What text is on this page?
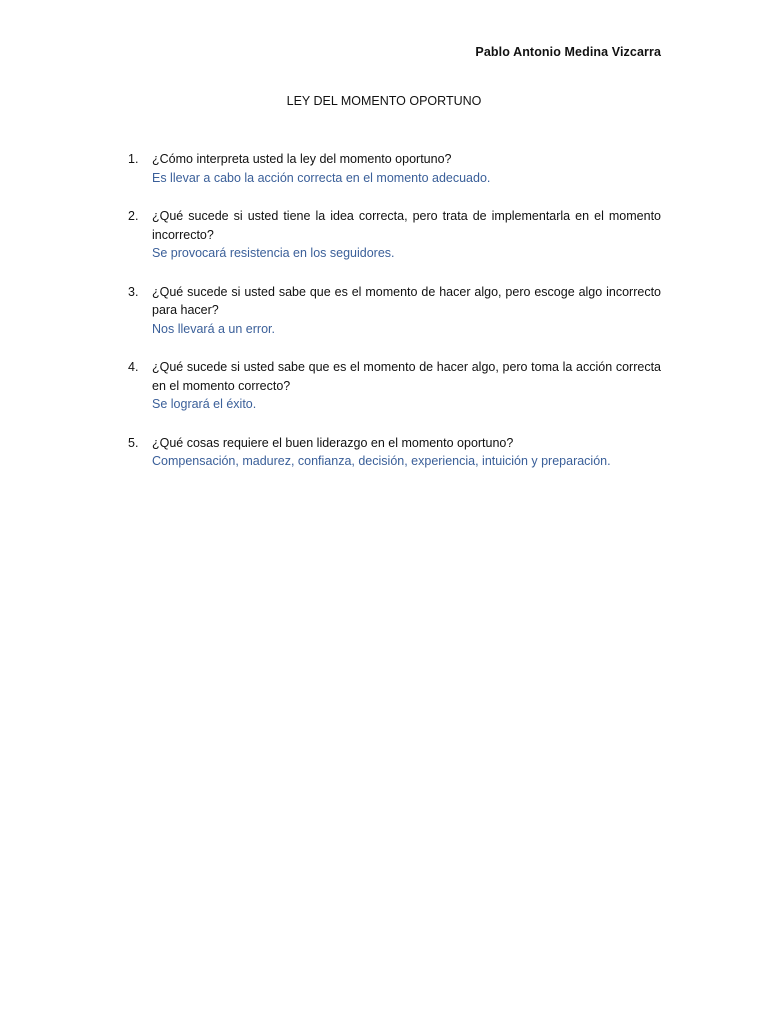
Pablo Antonio Medina Vizcarra
LEY DEL MOMENTO OPORTUNO
1. ¿Cómo interpreta usted la ley del momento oportuno?
Es llevar a cabo la acción correcta en el momento adecuado.
2. ¿Qué sucede si usted tiene la idea correcta, pero trata de implementarla en el momento incorrecto?
Se provocará resistencia en los seguidores.
3. ¿Qué sucede si usted sabe que es el momento de hacer algo, pero escoge algo incorrecto para hacer?
Nos llevará a un error.
4. ¿Qué sucede si usted sabe que es el momento de hacer algo, pero toma la acción correcta en el momento correcto?
Se logrará el éxito.
5. ¿Qué cosas requiere el buen liderazgo en el momento oportuno?
Compensación, madurez, confianza, decisión, experiencia, intuición y preparación.
